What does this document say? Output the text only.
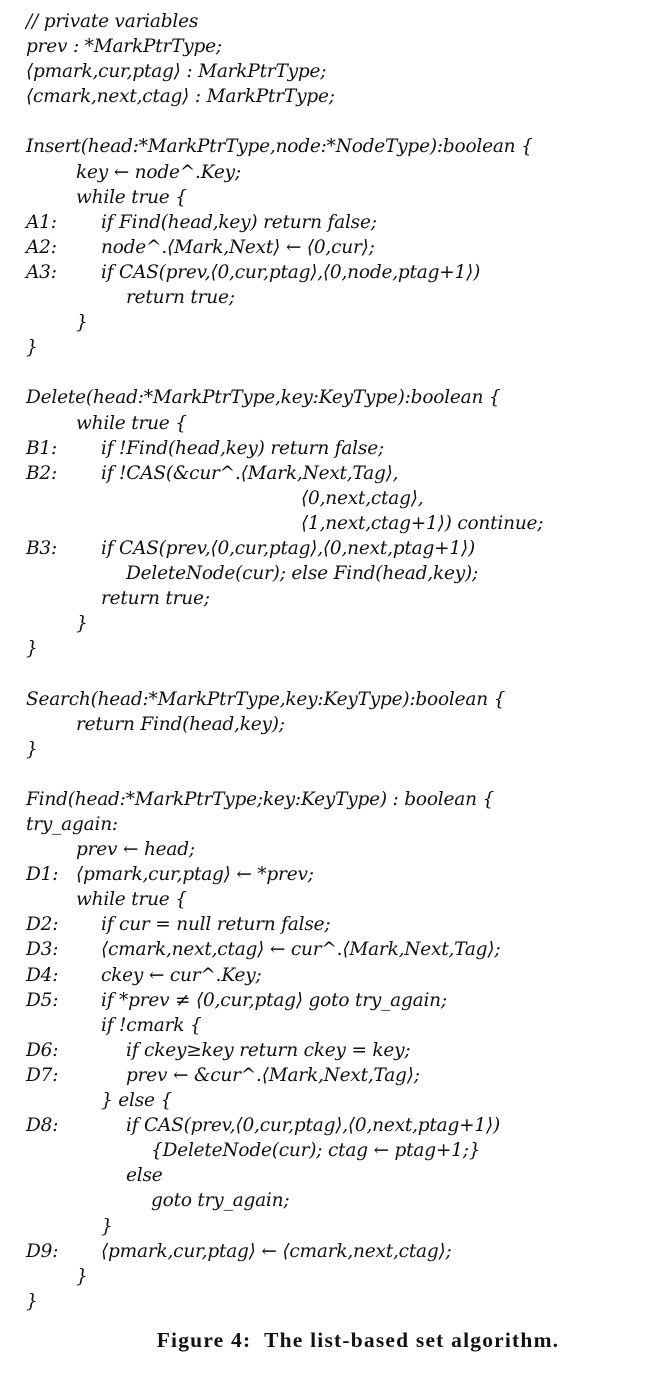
// private variables
prev : *MarkPtrType;
⟨pmark,cur,ptag⟩ : MarkPtrType;
⟨cmark,next,ctag⟩ : MarkPtrType;
Insert(head:*MarkPtrType,node:*NodeType):boolean {
key ← node^.Key;
while true {
A1: if Find(head,key) return false;
A2: node^.⟨Mark,Next⟩ ← ⟨0,cur⟩;
A3: if CAS(prev,⟨0,cur,ptag⟩,⟨0,node,ptag+1⟩)
return true;
}
}
Delete(head:*MarkPtrType,key:KeyType):boolean {
while true {
B1: if !Find(head,key) return false;
B2: if !CAS(&cur^.⟨Mark,Next,Tag⟩,
⟨0,next,ctag⟩,
⟨1,next,ctag+1⟩) continue;
B3: if CAS(prev,⟨0,cur,ptag⟩,⟨0,next,ptag+1⟩)
DeleteNode(cur); else Find(head,key);
return true;
}
}
Search(head:*MarkPtrType,key:KeyType):boolean {
return Find(head,key);
}
Find(head:*MarkPtrType;key:KeyType) : boolean {
try_again:
prev ← head;
D1: ⟨pmark,cur,ptag⟩ ← *prev;
while true {
D2: if cur = null return false;
D3: ⟨cmark,next,ctag⟩ ← cur^.⟨Mark,Next,Tag⟩;
D4: ckey ← cur^.Key;
D5: if *prev ≠ ⟨0,cur,ptag⟩ goto try_again;
if !cmark {
D6:	if ckey≥key return ckey = key;
D7:	prev ← &cur^.⟨Mark,Next,Tag⟩;
} else {
D8:	if CAS(prev,⟨0,cur,ptag⟩,⟨0,next,ptag+1⟩)
{DeleteNode(cur); ctag ← ptag+1;}
else
goto try_again;
}
D9: ⟨pmark,cur,ptag⟩ ← ⟨cmark,next,ctag⟩;
}
}
Figure 4:  The list-based set algorithm.
